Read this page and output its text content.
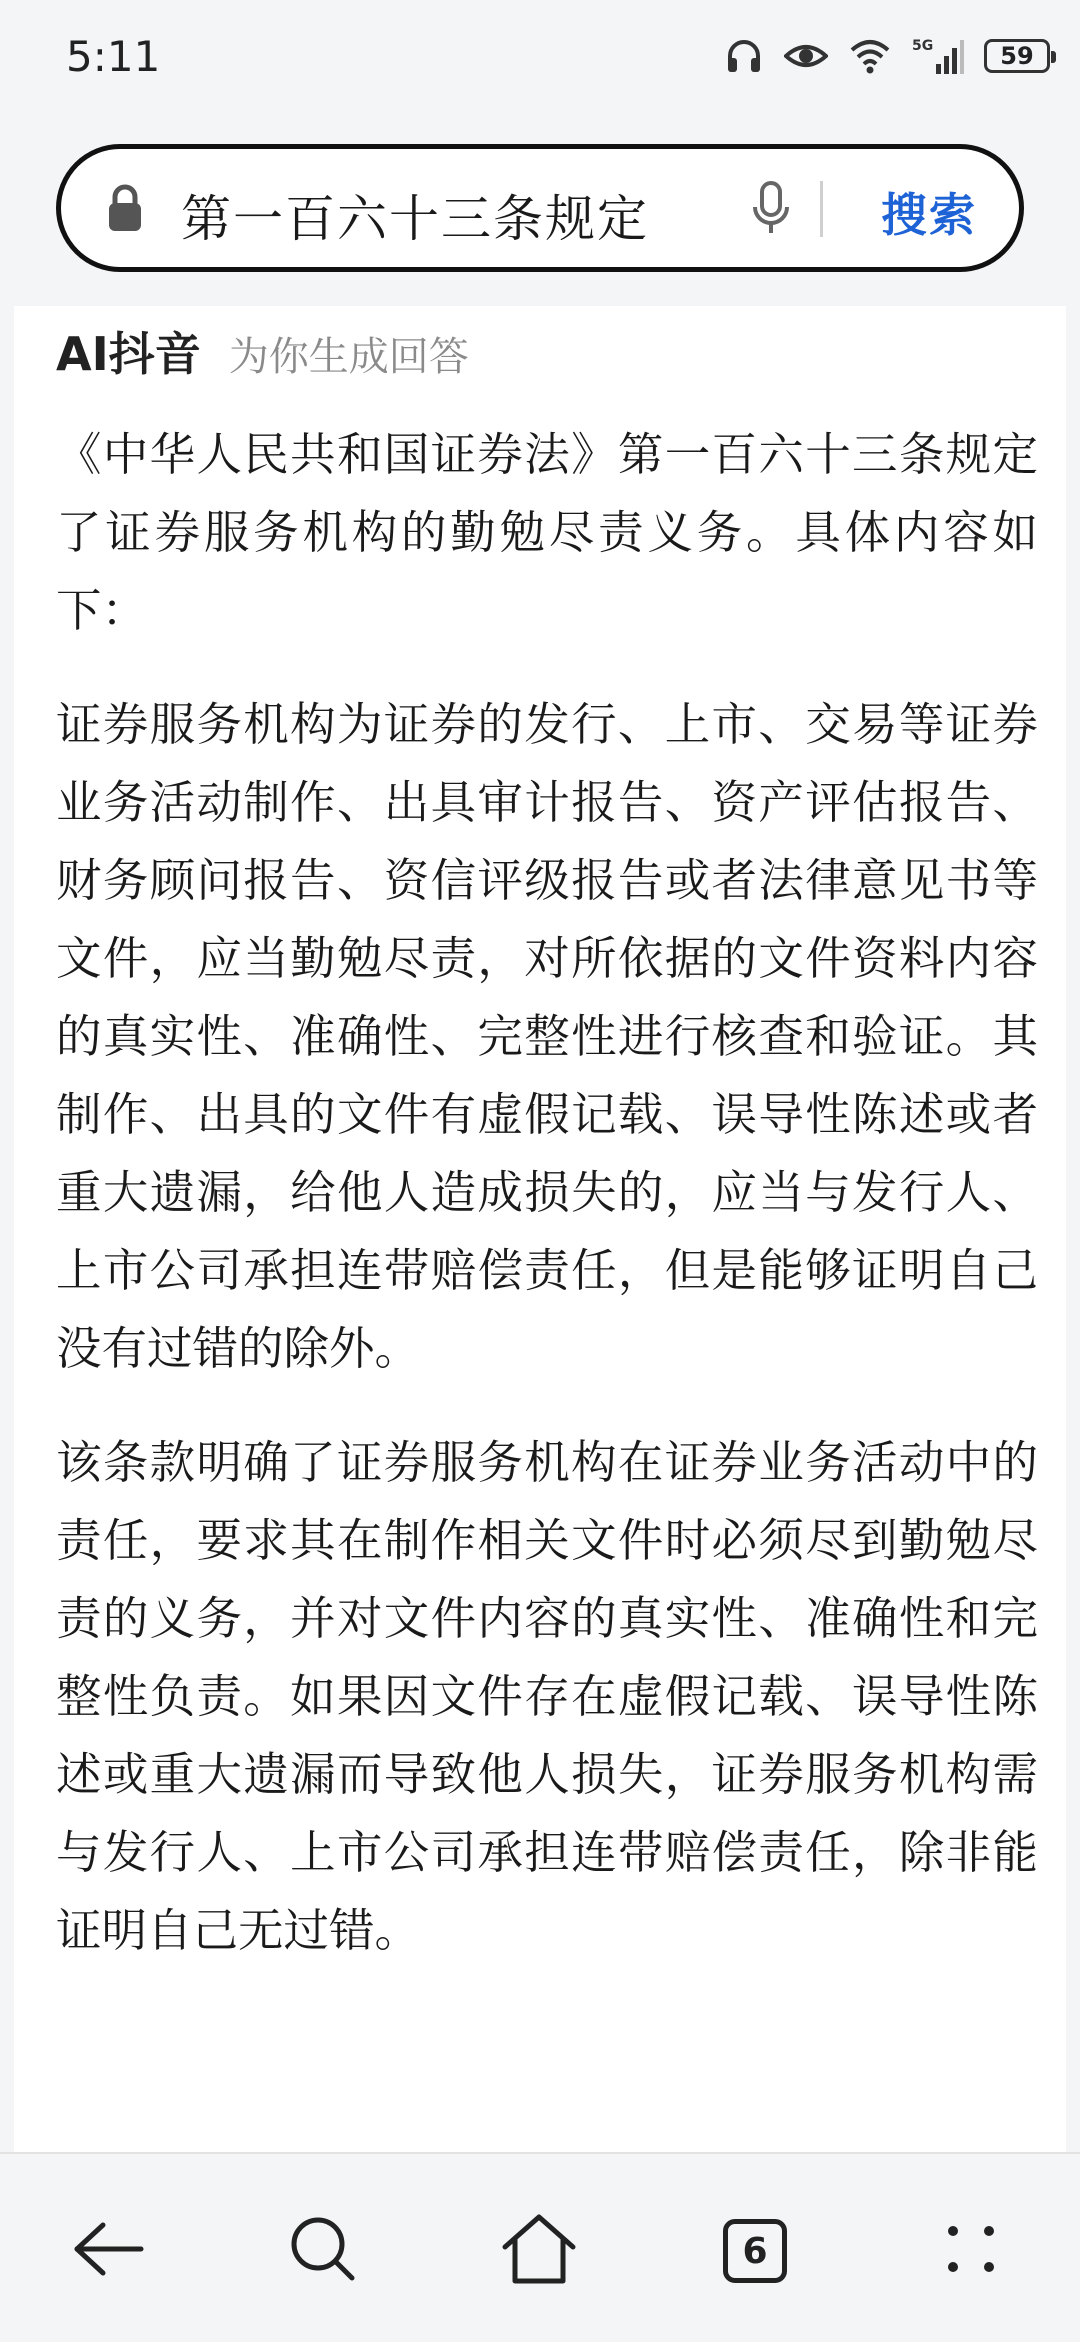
5:11	5G	59
第一百六十三条规定	搜索
AI抖音 为你生成回答

《中华人民共和国证券法》第一百六十三条规定了证券服务机构的勤勉尽责义务。具体内容如下：

证券服务机构为证券的发行、上市、交易等证券业务活动制作、出具审计报告、资产评估报告、财务顾问报告、资信评级报告或者法律意见书等文件，应当勤勉尽责，对所依据的文件资料内容的真实性、准确性、完整性进行核查和验证。其制作、出具的文件有虚假记载、误导性陈述或者重大遗漏，给他人造成损失的，应当与发行人、上市公司承担连带赔偿责任，但是能够证明自己没有过错的除外。

该条款明确了证券服务机构在证券业务活动中的责任，要求其在制作相关文件时必须尽到勤勉尽责的义务，并对文件内容的真实性、准确性和完整性负责。如果因文件存在虚假记载、误导性陈述或重大遗漏而导致他人损失，证券服务机构需与发行人、上市公司承担连带赔偿责任，除非能证明自己无过错。

6
